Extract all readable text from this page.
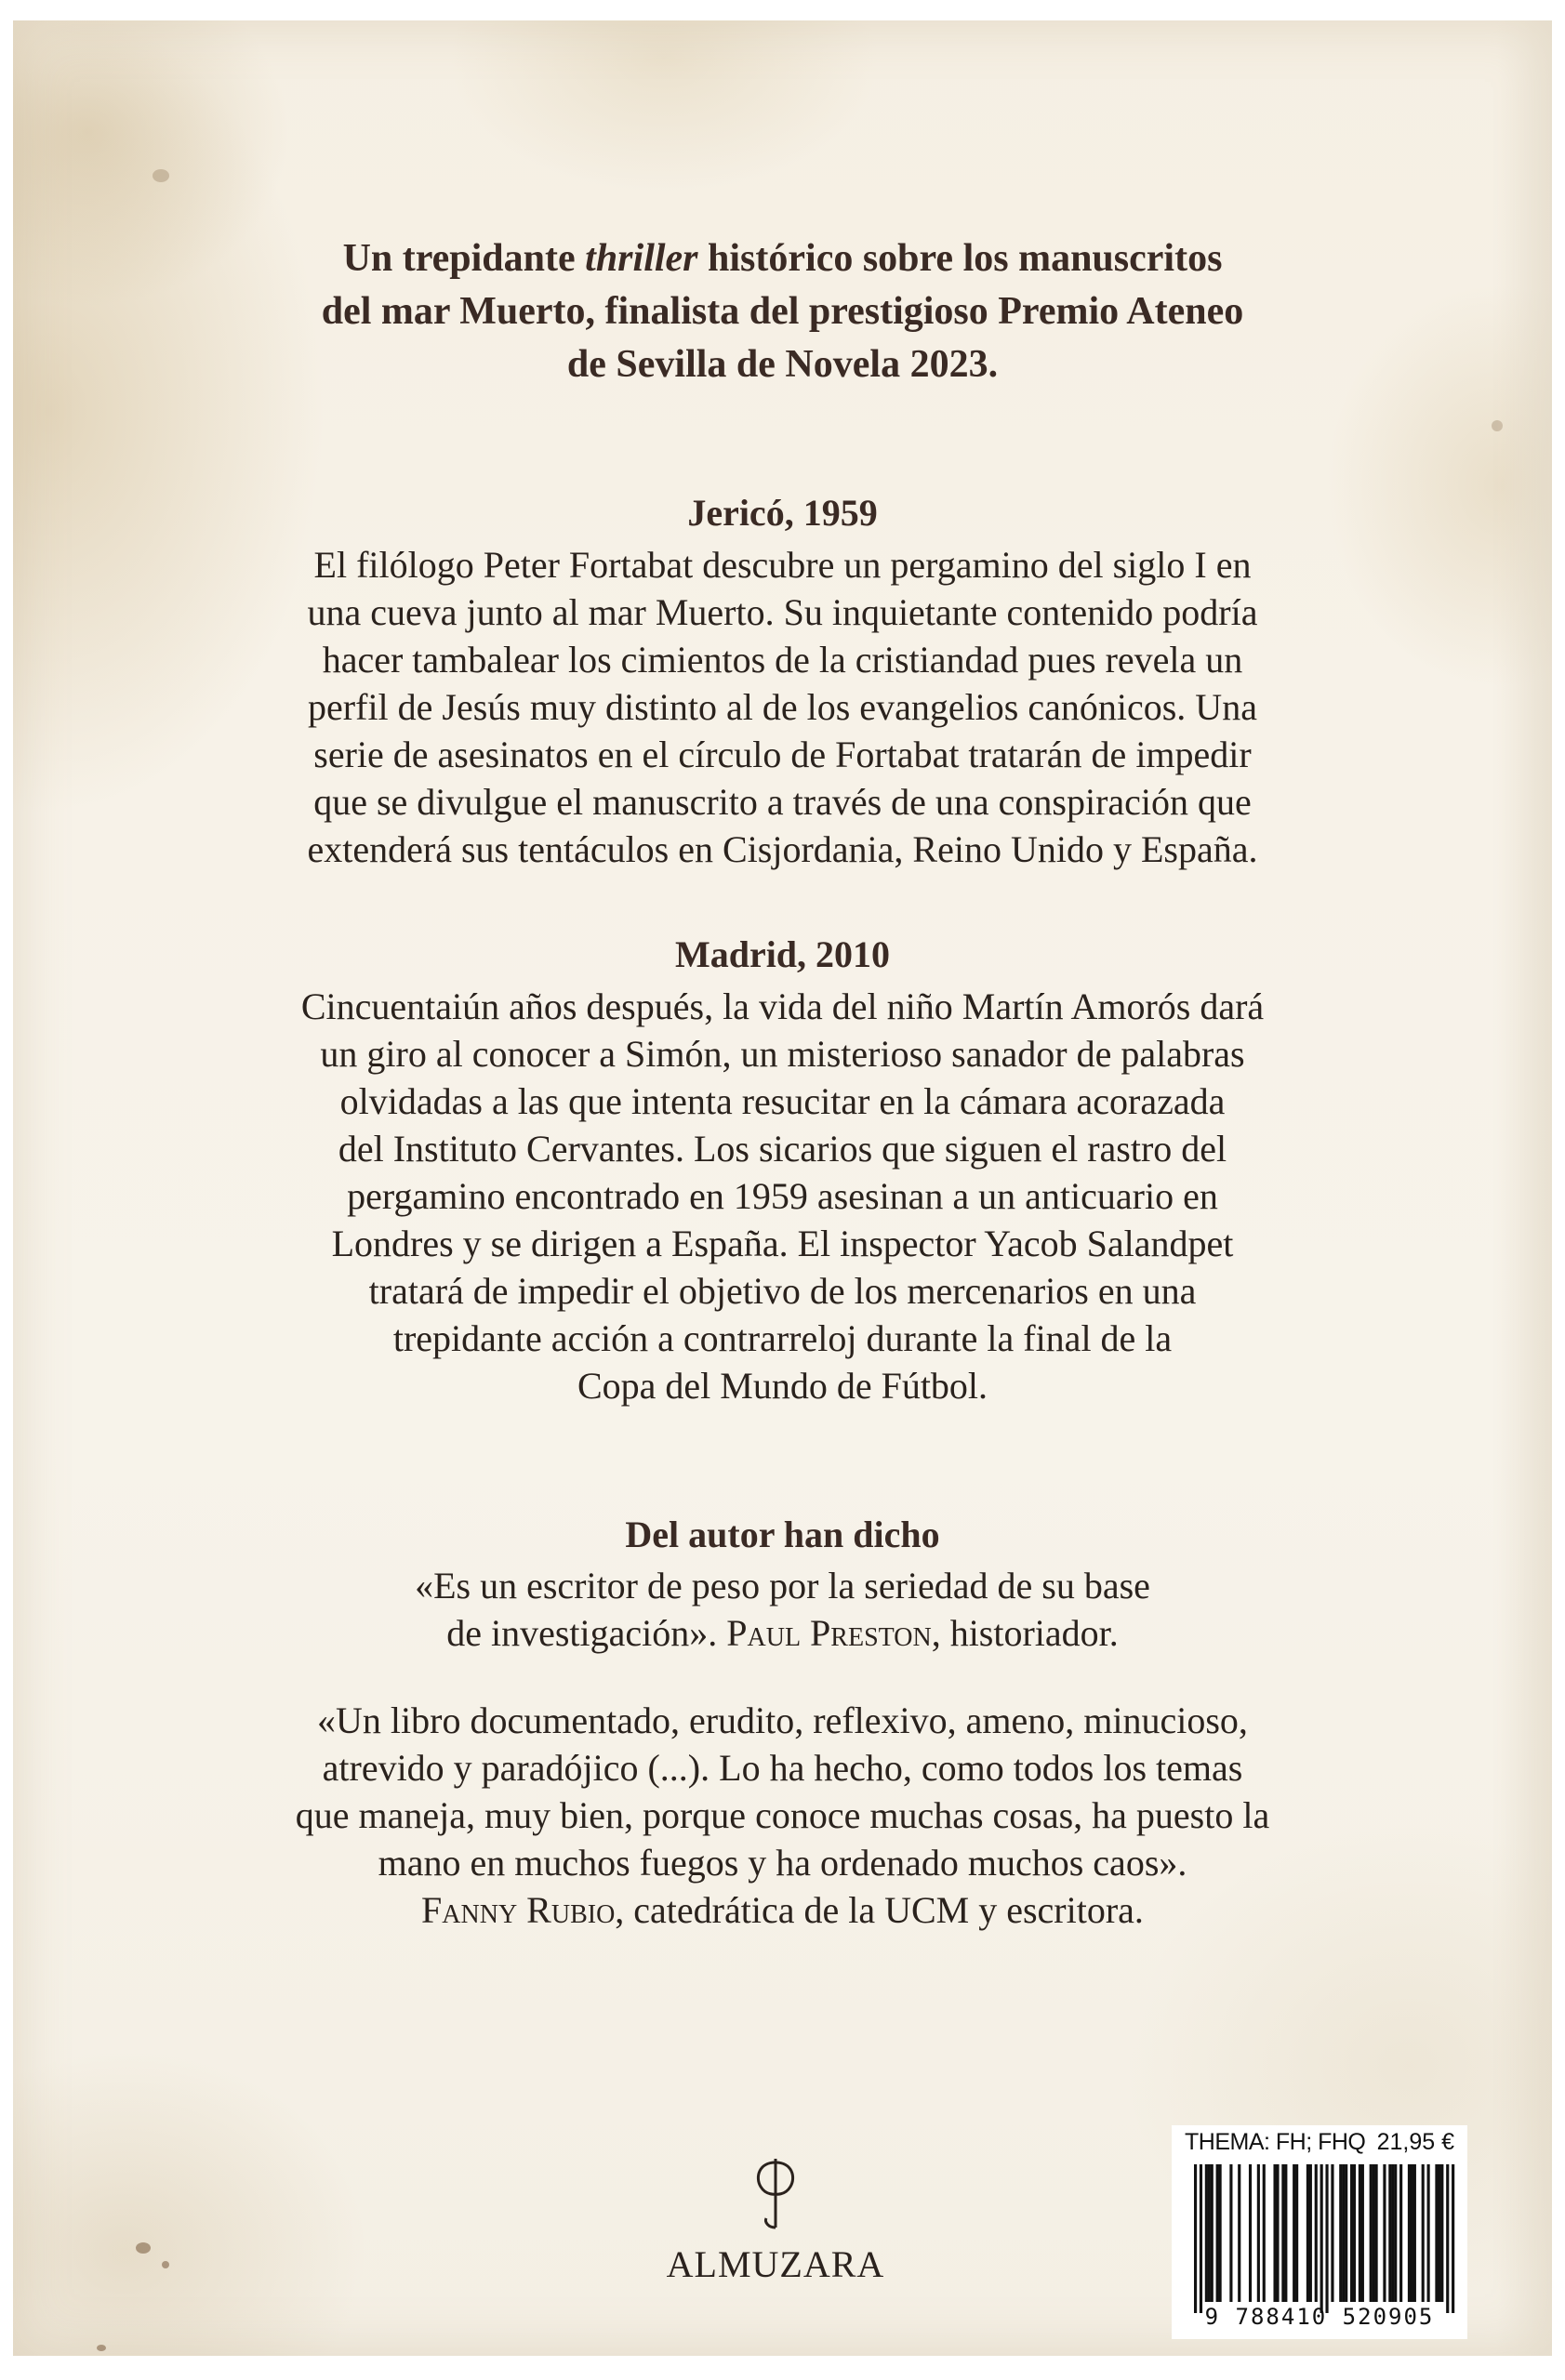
Un trepidante thriller histórico sobre los manuscritos

del mar Muerto, finalista del prestigioso Premio Ateneo

de Sevilla de Novela 2023.

Jericó, 1959

El filólogo Peter Fortabat descubre un pergamino del siglo I en

una cueva junto al mar Muerto. Su inquietante contenido podría

hacer tambalear los cimientos de la cristiandad pues revela un

perfil de Jesús muy distinto al de los evangelios canónicos. Una

serie de asesinatos en el círculo de Fortabat tratarán de impedir

que se divulgue el manuscrito a través de una conspiración que

extenderá sus tentáculos en Cisjordania, Reino Unido y España.

Madrid, 2010

Cincuentaiún años después, la vida del niño Martín Amorós dará

un giro al conocer a Simón, un misterioso sanador de palabras

olvidadas a las que intenta resucitar en la cámara acorazada

del Instituto Cervantes. Los sicarios que siguen el rastro del

pergamino encontrado en 1959 asesinan a un anticuario en

Londres y se dirigen a España. El inspector Yacob Salandpet

tratará de impedir el objetivo de los mercenarios en una

trepidante acción a contrarreloj durante la final de la

Copa del Mundo de Fútbol.

Del autor han dicho

«Es un escritor de peso por la seriedad de su base

de investigación». Paul Preston, historiador.

«Un libro documentado, erudito, reflexivo, ameno, minucioso,

atrevido y paradójico (...). Lo ha hecho, como todos los temas

que maneja, muy bien, porque conoce muchas cosas, ha puesto la

mano en muchos fuegos y ha ordenado muchos caos».

Fanny Rubio, catedrática de la UCM y escritora.

ALMUZARA
THEMA: FH; FHQ 21,95 €
9 788410 520905
